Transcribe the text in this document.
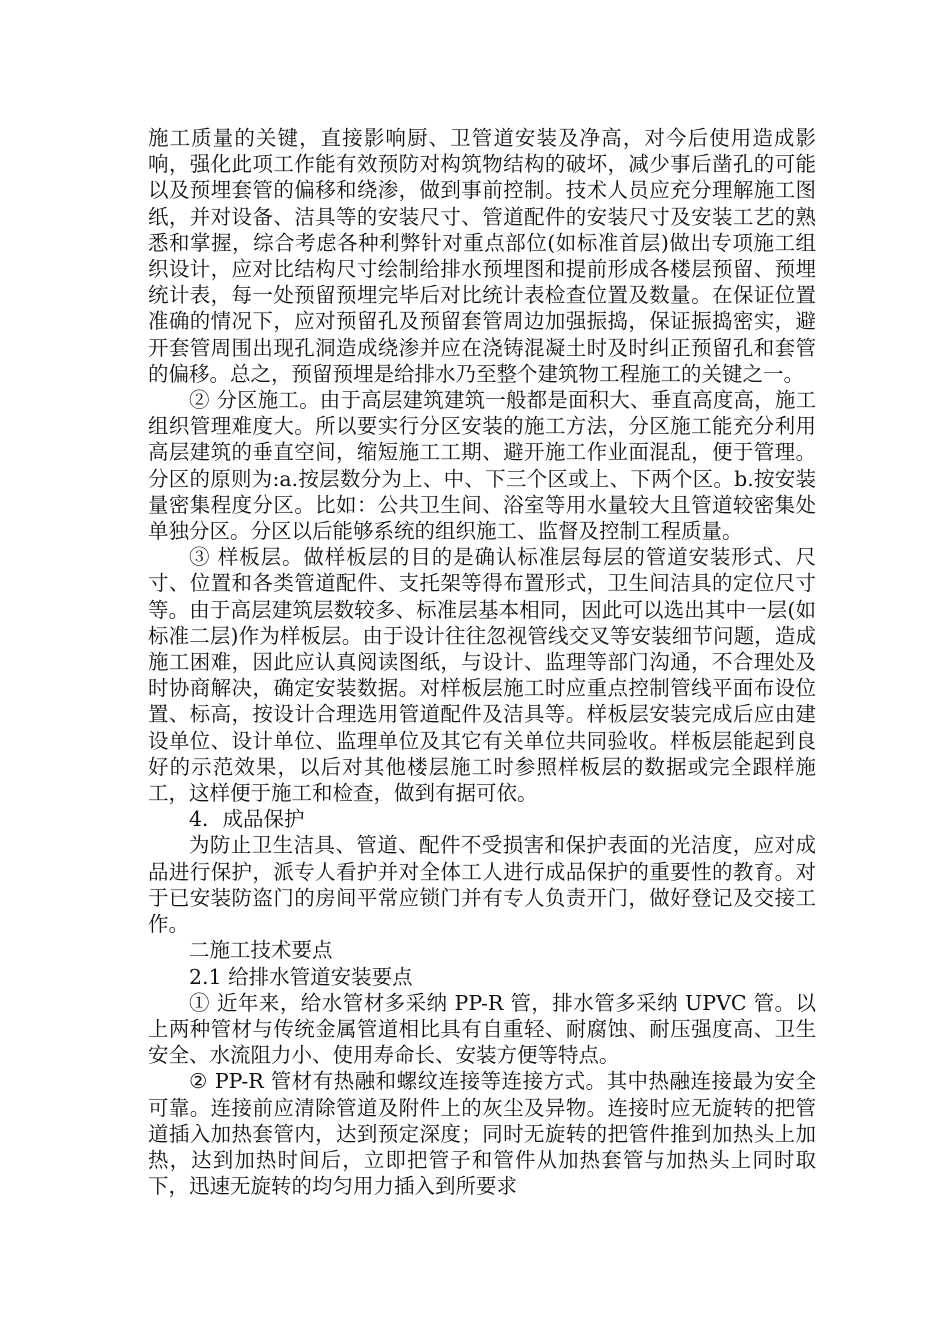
施工质量的关键，直接影响厨、卫管道安装及净高，对今后使用造成影响，强化此项工作能有效预防对构筑物结构的破坏，减少事后凿孔的可能以及预埋套管的偏移和绕渗，做到事前控制。技术人员应充分理解施工图纸，并对设备、洁具等的安装尺寸、管道配件的安装尺寸及安装工艺的熟悉和掌握，综合考虑各种利弊针对重点部位(如标准首层)做出专项施工组织设计，应对比结构尺寸绘制给排水预埋图和提前形成各楼层预留、预埋统计表，每一处预留预埋完毕后对比统计表检查位置及数量。在保证位置准确的情况下，应对预留孔及预留套管周边加强振捣，保证振捣密实，避开套管周围出现孔洞造成绕渗并应在浇铸混凝土时及时纠正预留孔和套管的偏移。总之，预留预埋是给排水乃至整个建筑物工程施工的关键之一。

② 分区施工。由于高层建筑建筑一般都是面积大、垂直高度高，施工组织管理难度大。所以要实行分区安装的施工方法，分区施工能充分利用高层建筑的垂直空间，缩短施工工期、避开施工作业面混乱，便于管理。分区的原则为:a.按层数分为上、中、下三个区或上、下两个区。b.按安装量密集程度分区。比如：公共卫生间、浴室等用水量较大且管道较密集处单独分区。分区以后能够系统的组织施工、监督及控制工程质量。

③ 样板层。做样板层的目的是确认标准层每层的管道安装形式、尺寸、位置和各类管道配件、支托架等得布置形式，卫生间洁具的定位尺寸等。由于高层建筑层数较多、标准层基本相同，因此可以选出其中一层(如标准二层)作为样板层。由于设计往往忽视管线交叉等安装细节问题，造成施工困难，因此应认真阅读图纸，与设计、监理等部门沟通，不合理处及时协商解决，确定安装数据。对样板层施工时应重点控制管线平面布设位置、标高，按设计合理选用管道配件及洁具等。样板层安装完成后应由建设单位、设计单位、监理单位及其它有关单位共同验收。样板层能起到良好的示范效果，以后对其他楼层施工时参照样板层的数据或完全跟样施工，这样便于施工和检查，做到有据可依。

4．成品保护

为防止卫生洁具、管道、配件不受损害和保护表面的光洁度，应对成品进行保护，派专人看护并对全体工人进行成品保护的重要性的教育。对于已安装防盗门的房间平常应锁门并有专人负责开门，做好登记及交接工作。

二施工技术要点

2.1 给排水管道安装要点

① 近年来，给水管材多采纳 PP-R 管，排水管多采纳 UPVC 管。以上两种管材与传统金属管道相比具有自重轻、耐腐蚀、耐压强度高、卫生安全、水流阻力小、使用寿命长、安装方便等特点。

② PP-R 管材有热融和螺纹连接等连接方式。其中热融连接最为安全可靠。连接前应清除管道及附件上的灰尘及异物。连接时应无旋转的把管道插入加热套管内，达到预定深度；同时无旋转的把管件推到加热头上加热，达到加热时间后，立即把管子和管件从加热套管与加热头上同时取下，迅速无旋转的均匀用力插入到所要求
